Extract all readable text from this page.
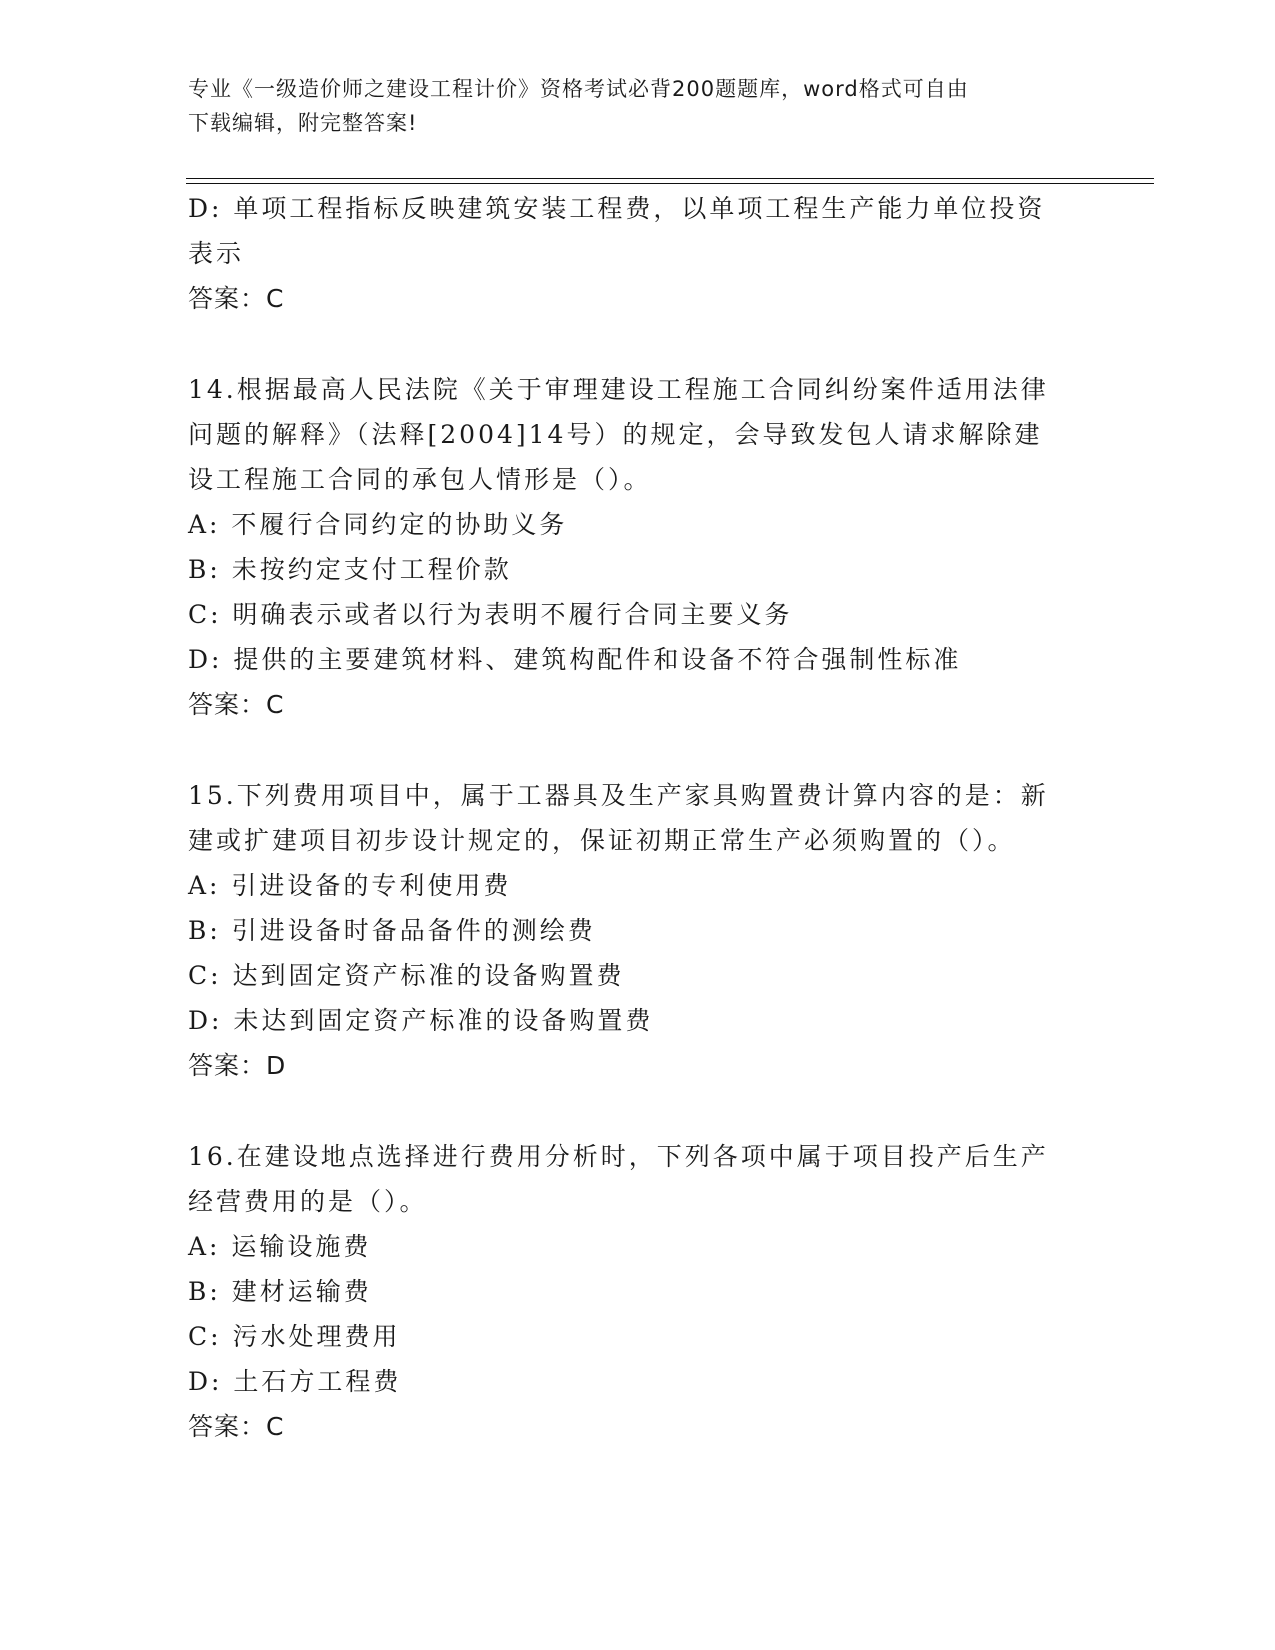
专业《一级造价师之建设工程计价》资格考试必背200题题库，word格式可自由
下载编辑，附完整答案!
D: 单项工程指标反映建筑安装工程费，以单项工程生产能力单位投资
表示
答案：C
14.根据最高人民法院《关于审理建设工程施工合同纠纷案件适用法律
问题的解释》（法释[2004]14号）的规定，会导致发包人请求解除建
设工程施工合同的承包人情形是（）。
A: 不履行合同约定的协助义务
B: 未按约定支付工程价款
C: 明确表示或者以行为表明不履行合同主要义务
D: 提供的主要建筑材料、建筑构配件和设备不符合强制性标准
答案：C
15.下列费用项目中，属于工器具及生产家具购置费计算内容的是：新
建或扩建项目初步设计规定的，保证初期正常生产必须购置的（）。
A: 引进设备的专利使用费
B: 引进设备时备品备件的测绘费
C: 达到固定资产标准的设备购置费
D: 未达到固定资产标准的设备购置费
答案：D
16.在建设地点选择进行费用分析时，下列各项中属于项目投产后生产
经营费用的是（）。
A: 运输设施费
B: 建材运输费
C: 污水处理费用
D: 土石方工程费
答案：C
